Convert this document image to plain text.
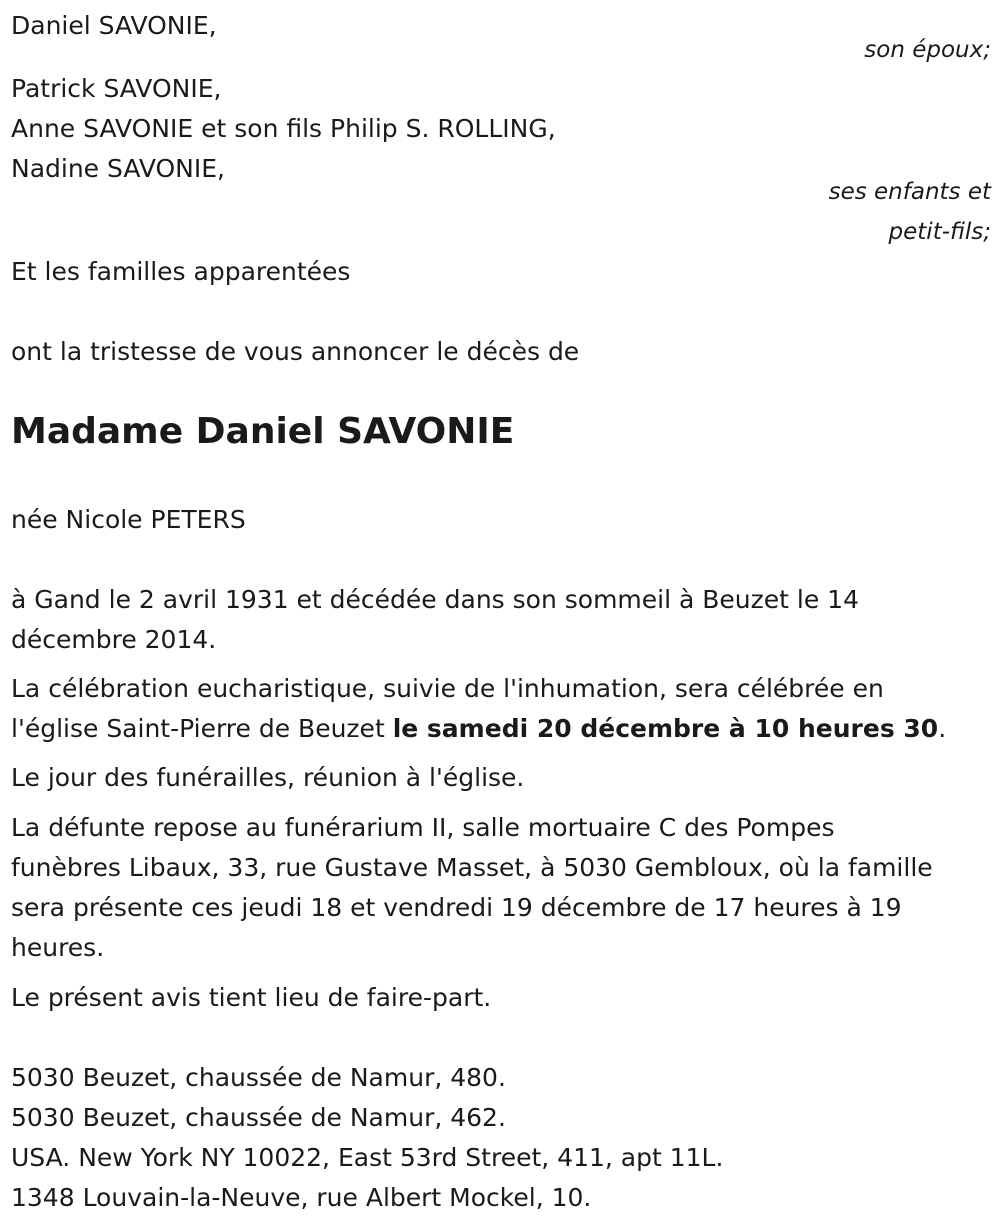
Daniel SAVONIE,
son époux;
Patrick SAVONIE,
Anne SAVONIE et son fils Philip S. ROLLING,
Nadine SAVONIE,
ses enfants et
petit-fils;
Et les familles apparentées
ont la tristesse de vous annoncer le décès de
Madame Daniel SAVONIE
née Nicole PETERS
à Gand le 2 avril 1931 et décédée dans son sommeil à Beuzet le 14
décembre 2014.
La célébration eucharistique, suivie de l'inhumation, sera célébrée en
l'église Saint-Pierre de Beuzet le samedi 20 décembre à 10 heures 30.
Le jour des funérailles, réunion à l'église.
La défunte repose au funérarium II, salle mortuaire C des Pompes
funèbres Libaux, 33, rue Gustave Masset, à 5030 Gembloux, où la famille
sera présente ces jeudi 18 et vendredi 19 décembre de 17 heures à 19
heures.
Le présent avis tient lieu de faire-part.
5030 Beuzet, chaussée de Namur, 480.
5030 Beuzet, chaussée de Namur, 462.
USA. New York NY 10022, East 53rd Street, 411, apt 11L.
1348 Louvain-la-Neuve, rue Albert Mockel, 10.
